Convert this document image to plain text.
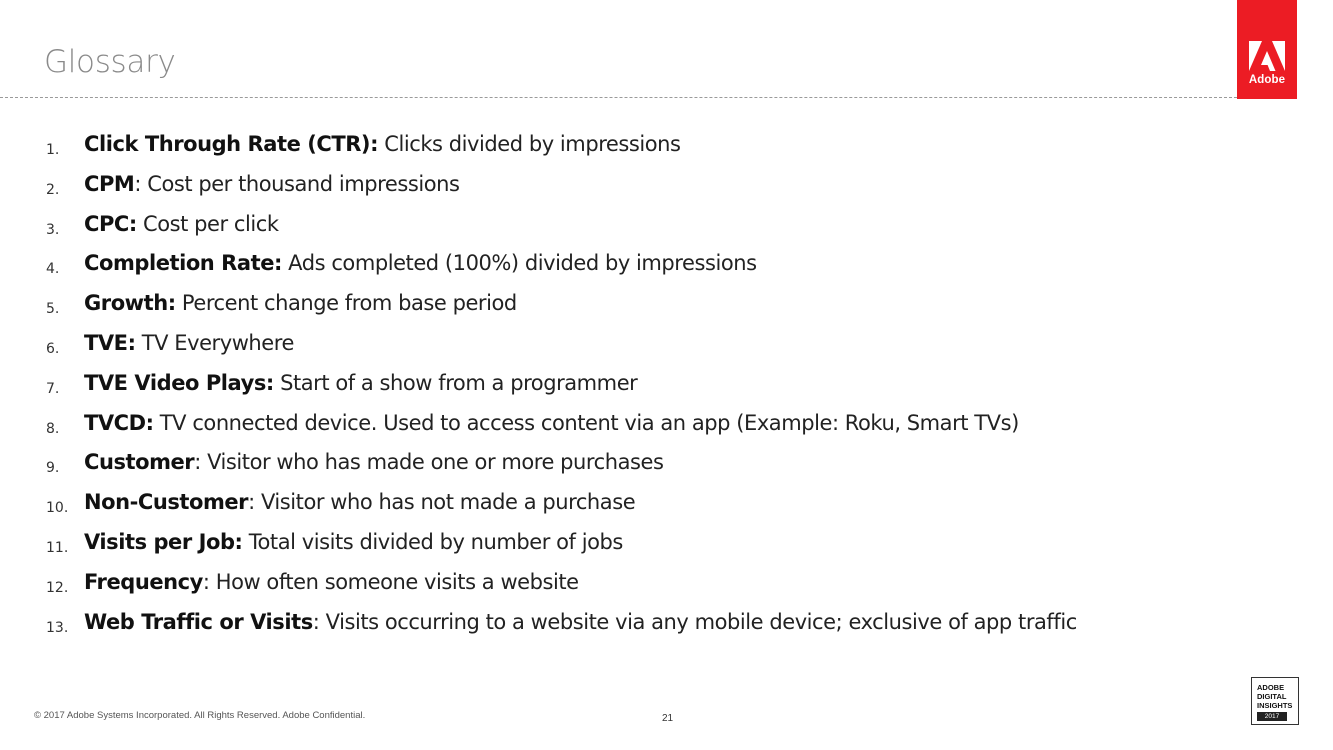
Glossary	Adobe
1. Click Through Rate (CTR): Clicks divided by impressions
2. CPM: Cost per thousand impressions
3. CPC: Cost per click
4. Completion Rate: Ads completed (100%) divided by impressions
5. Growth: Percent change from base period
6. TVE: TV Everywhere
7. TVE Video Plays: Start of a show from a programmer
8. TVCD: TV connected device. Used to access content via an app (Example: Roku, Smart TVs)
9. Customer: Visitor who has made one or more purchases
10. Non-Customer: Visitor who has not made a purchase
11. Visits per Job: Total visits divided by number of jobs
12. Frequency: How often someone visits a website
13. Web Traffic or Visits: Visits occurring to a website via any mobile device; exclusive of app traffic
© 2017 Adobe Systems Incorporated. All Rights Reserved. Adobe Confidential.	21
ADOBE
DIGITAL
INSIGHTS
2017
